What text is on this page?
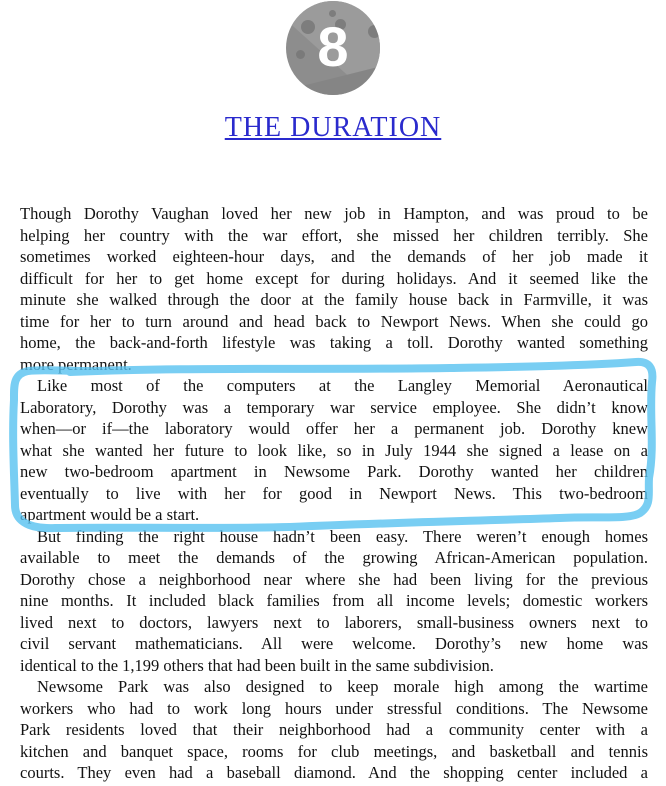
8
THE DURATION
Though Dorothy Vaughan loved her new job in Hampton, and was proud to be
helping her country with the war effort, she missed her children terribly. She
sometimes worked eighteen-hour days, and the demands of her job made it
difficult for her to get home except for during holidays. And it seemed like the
minute she walked through the door at the family house back in Farmville, it was
time for her to turn around and head back to Newport News. When she could go
home, the back-and-forth lifestyle was taking a toll. Dorothy wanted something
more permanent.
Like most of the computers at the Langley Memorial Aeronautical
Laboratory, Dorothy was a temporary war service employee. She didn’t know
when—or if—the laboratory would offer her a permanent job. Dorothy knew
what she wanted her future to look like, so in July 1944 she signed a lease on a
new two-bedroom apartment in Newsome Park. Dorothy wanted her children
eventually to live with her for good in Newport News. This two-bedroom
apartment would be a start.
But finding the right house hadn’t been easy. There weren’t enough homes
available to meet the demands of the growing African-American population.
Dorothy chose a neighborhood near where she had been living for the previous
nine months. It included black families from all income levels; domestic workers
lived next to doctors, lawyers next to laborers, small-business owners next to
civil servant mathematicians. All were welcome. Dorothy’s new home was
identical to the 1,199 others that had been built in the same subdivision.
Newsome Park was also designed to keep morale high among the wartime
workers who had to work long hours under stressful conditions. The Newsome
Park residents loved that their neighborhood had a community center with a
kitchen and banquet space, rooms for club meetings, and basketball and tennis
courts. They even had a baseball diamond. And the shopping center included a
